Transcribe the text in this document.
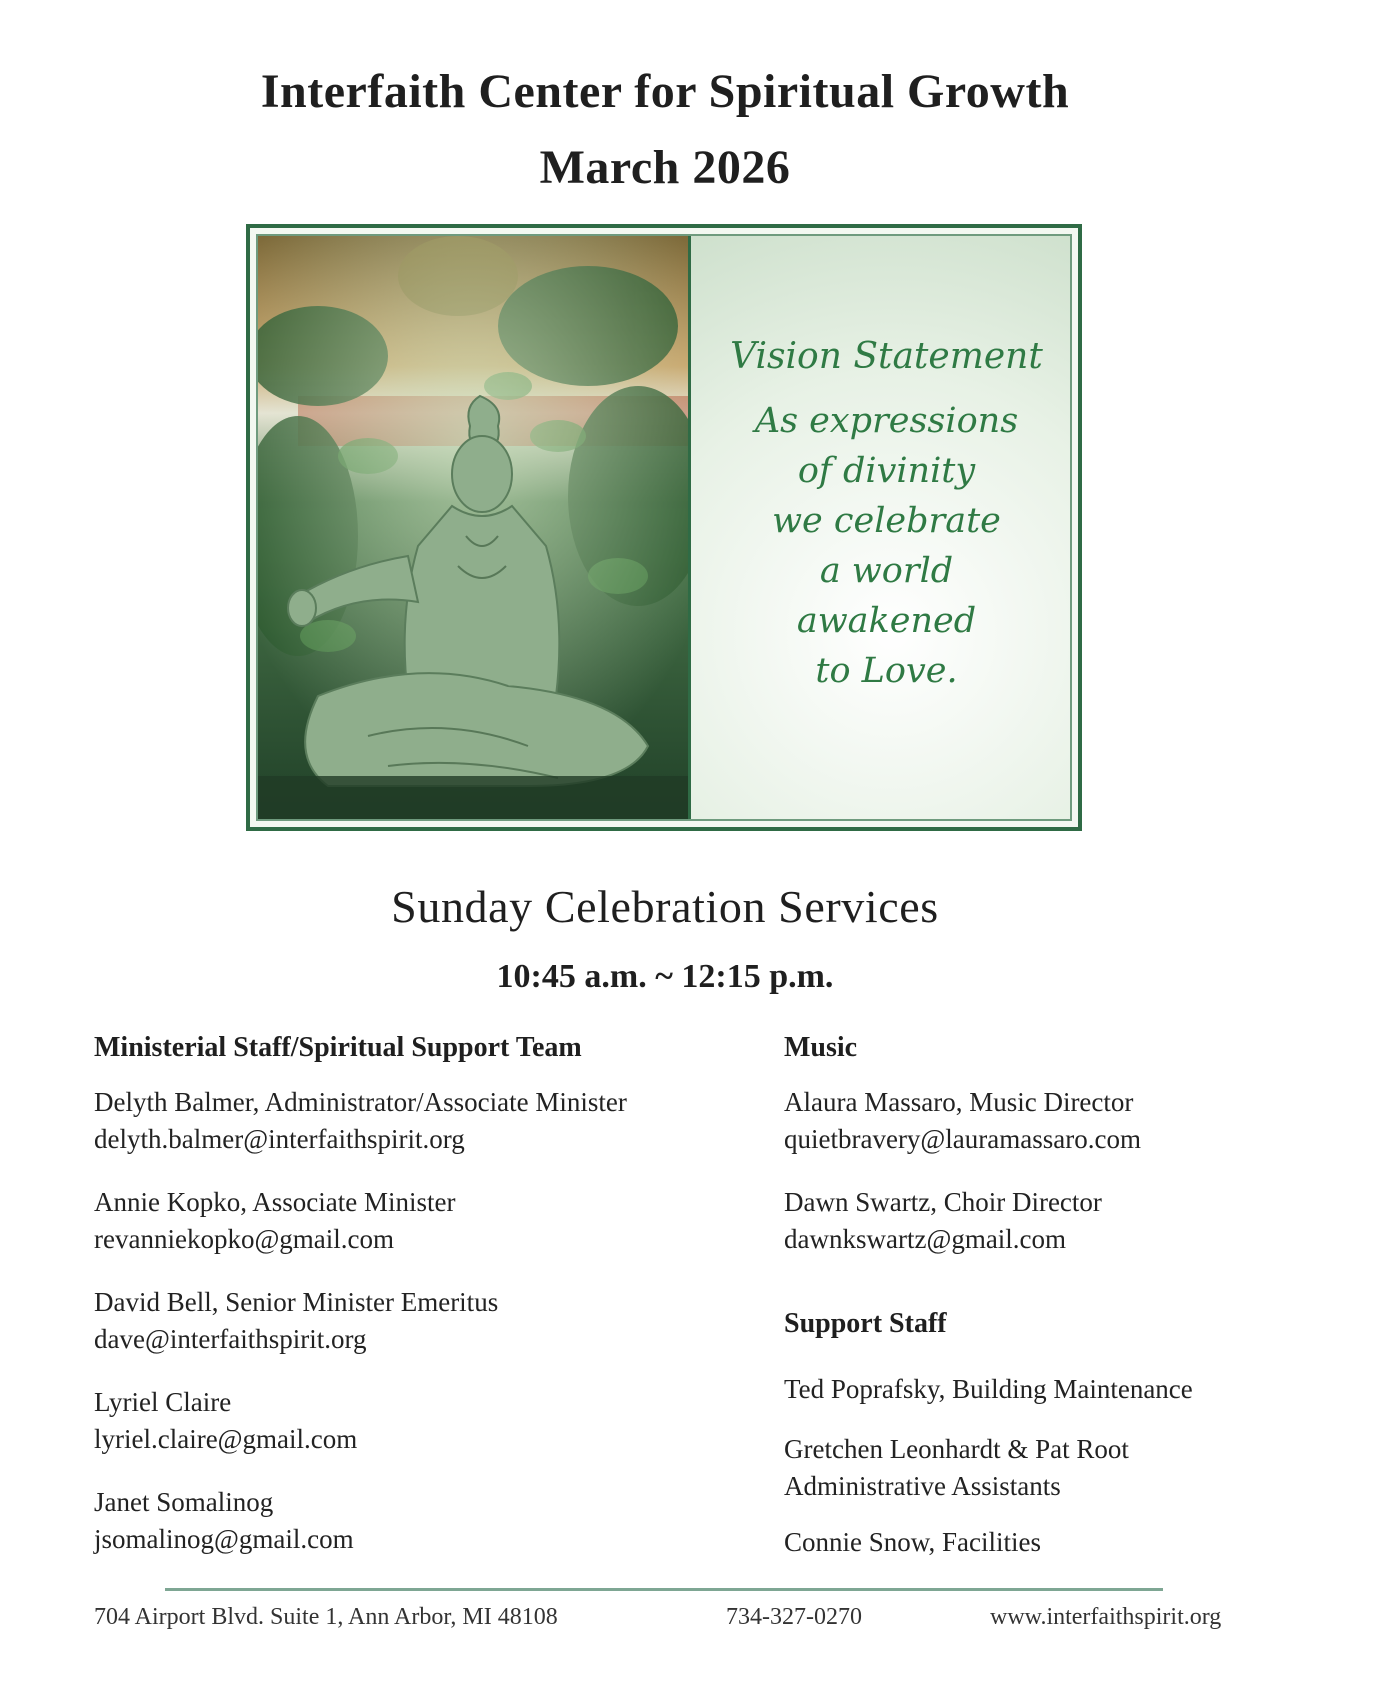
Interfaith Center for Spiritual Growth
March 2026
Vision Statement
As expressions
of divinity
we celebrate
a world
awakened
to Love.
Sunday Celebration Services
10:45 a.m. ~ 12:15 p.m.
Ministerial Staff/Spiritual Support Team
Delyth Balmer, Administrator/Associate Minister
delyth.balmer@interfaithspirit.org
Annie Kopko, Associate Minister
revanniekopko@gmail.com
David Bell, Senior Minister Emeritus
dave@interfaithspirit.org
Lyriel Claire
lyriel.claire@gmail.com
Janet Somalinog
jsomalinog@gmail.com
Music
Alaura Massaro, Music Director
quietbravery@lauramassaro.com
Dawn Swartz, Choir Director
dawnkswartz@gmail.com
Support Staff
Ted Poprafsky, Building Maintenance
Gretchen Leonhardt & Pat Root
Administrative Assistants
Connie Snow, Facilities
704 Airport Blvd. Suite 1, Ann Arbor, MI 48108	734-327-0270	www.interfaithspirit.org
